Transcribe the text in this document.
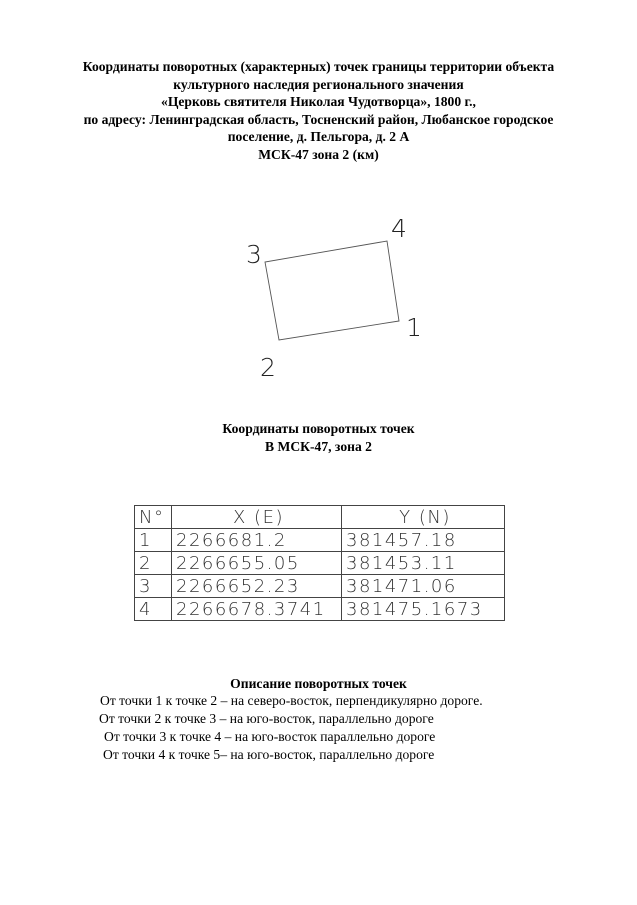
Координаты поворотных (характерных) точек границы территории объекта
культурного наследия регионального значения
«Церковь святителя Николая Чудотворца», 1800 г.,
по адресу: Ленинградская область, Тосненский район, Любанское городское
поселение, д. Пельгора, д. 2 А
МСК-47 зона 2 (км)
1
2
3
4
Координаты поворотных точек
В МСК-47, зона 2
N°	X (E)	Y (N)
1	2266681.2	381457.18
2	2266655.05	381453.11
3	2266652.23	381471.06
4	2266678.3741	381475.1673
Описание поворотных точек
От точки 1 к точке 2 – на северо-восток, перпендикулярно дороге.
От точки 2 к точке 3 – на юго-восток, параллельно дороге
От точки 3 к точке 4 – на юго-восток параллельно дороге
От точки 4 к точке 5– на юго-восток, параллельно дороге
